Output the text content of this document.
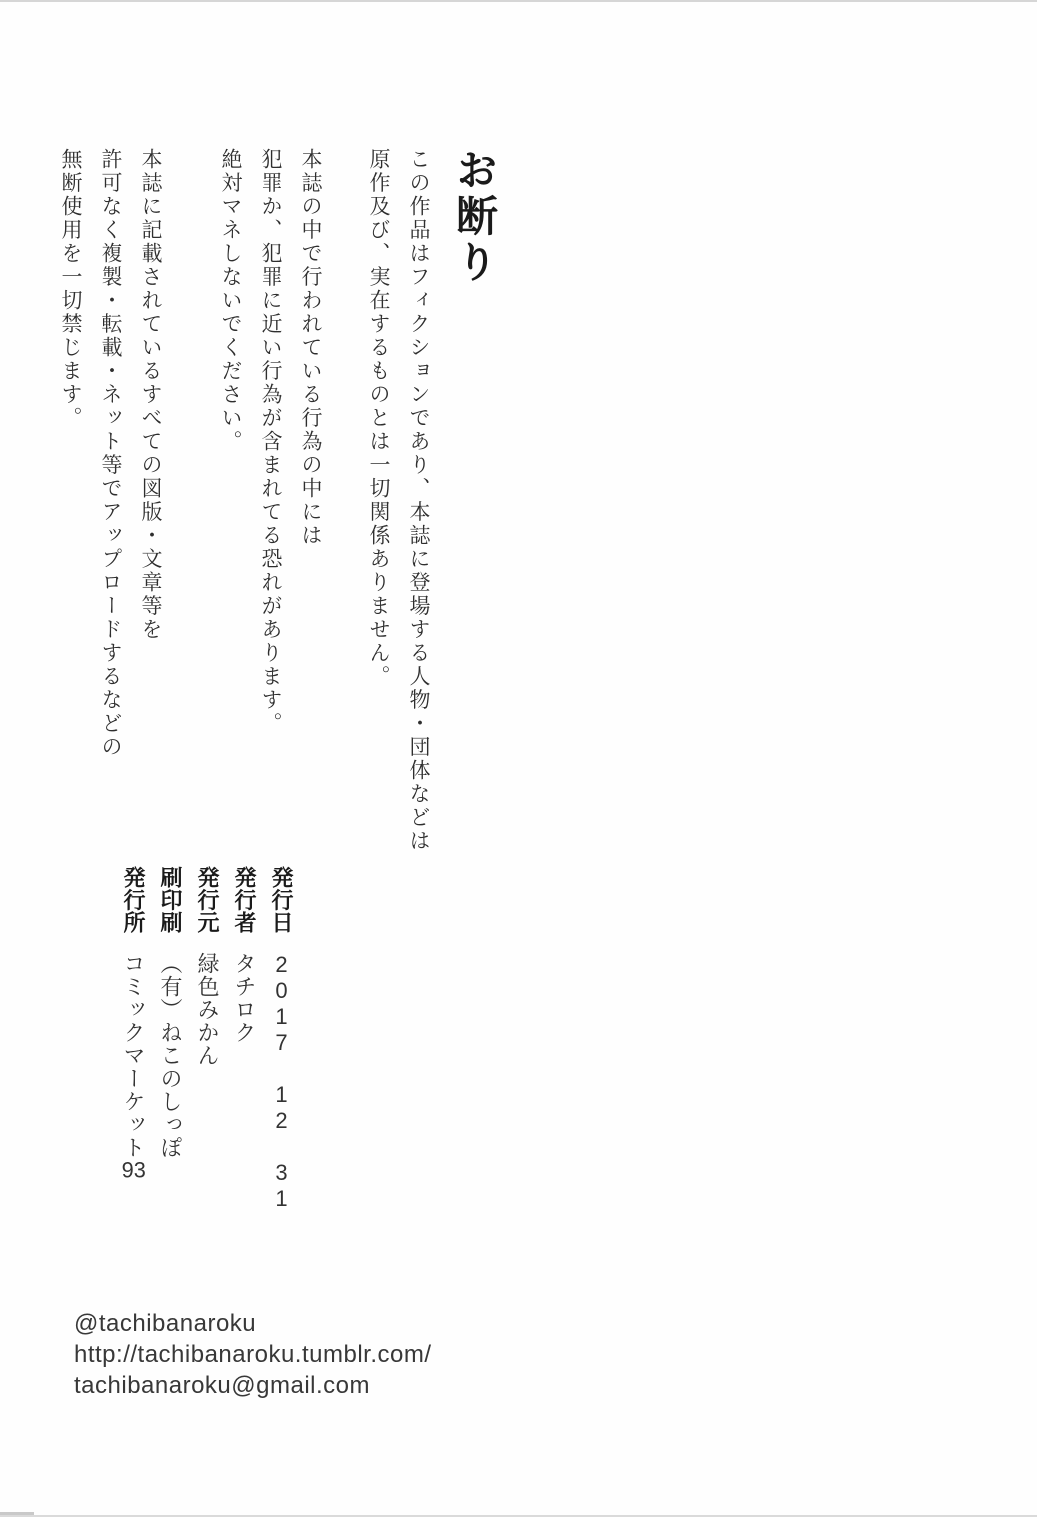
お断り

この作品はフィクションであり、本誌に登場する人物・団体などは

原作及び、実在するものとは一切関係ありません。

本誌の中で行われている行為の中には

犯罪か、犯罪に近い行為が含まれてる恐れがあります。

絶対マネしないでください。

本誌に記載されているすべての図版・文章等を

許可なく複製・転載・ネット等でアップロードするなどの

無断使用を一切禁じます。

発行日2017 12 31

発行者タチロク

発行元緑色みかん

刷印刷（有）ねこのしっぽ

発行所コミックマーケット93

@tachibanaroku
http://tachibanaroku.tumblr.com/
tachibanaroku@gmail.com
